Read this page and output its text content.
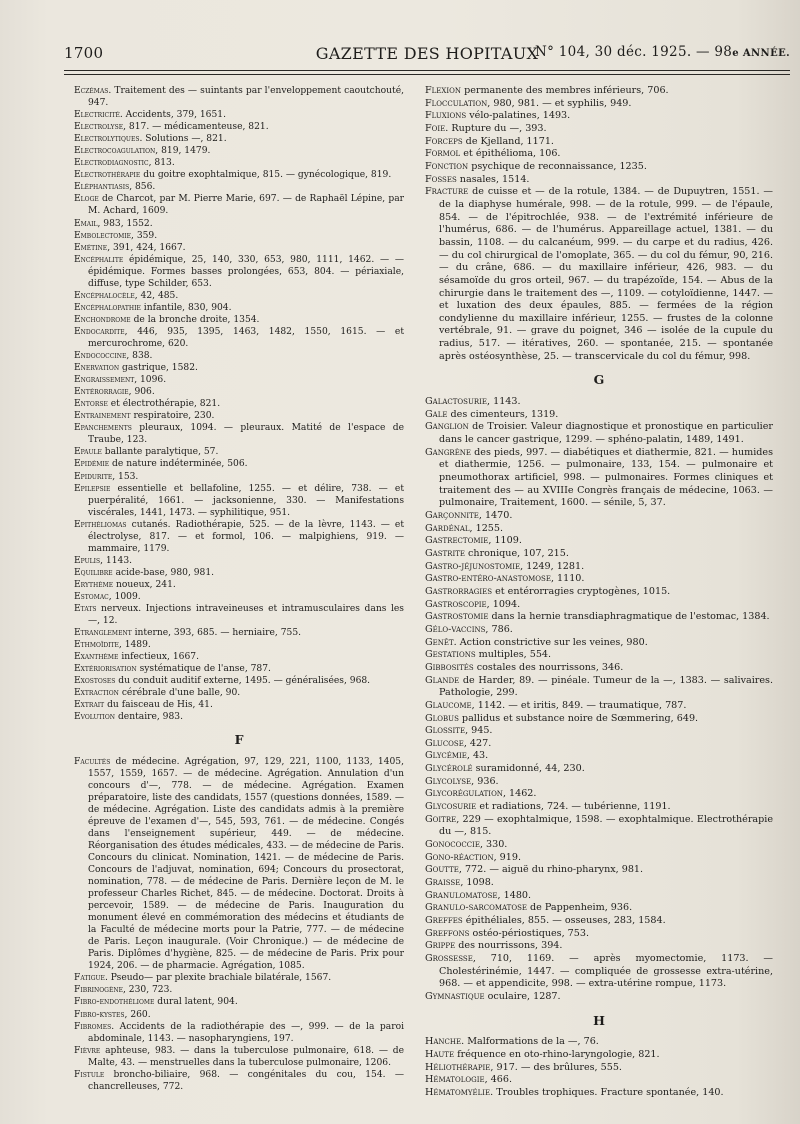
1700	GAZETTE DES HOPITAUX
N° 104, 30 déc. 1925. — 98e ANNÉE.

Eczémas. Traitement des — suintants par l'enveloppement caoutchouté, 947.

Electricité. Accidents, 379, 1651.

Electrolyse, 817. — médicamenteuse, 821.

Electrolytiques. Solutions —, 821.

Electrocoagulation, 819, 1479.

Electrodiagnostic, 813.

Electrothérapie du goitre exophtalmique, 815. — gynécologique, 819.

Eléphantiasis, 856.

Eloge de Charcot, par M. Pierre Marie, 697. — de Raphaël Lépine, par M. Achard, 1609.

Email, 983, 1552.

Embolectomie, 359.

Emétine, 391, 424, 1667.

Encéphalite épidémique, 25, 140, 330, 653, 980, 1111, 1462. — — épidémique. Formes basses prolongées, 653, 804. — périaxiale, diffuse, type Schilder, 653.

Encéphalocèle, 42, 485.

Encéphalopathie infantile, 830, 904.

Enchondrome de la bronche droite, 1354.

Endocardite, 446, 935, 1395, 1463, 1482, 1550, 1615. — et mercurochrome, 620.

Endococcine, 838.

Enervation gastrique, 1582.

Engraissement, 1096.

Entérorragie, 906.

Entorse et électrothérapie, 821.

Entrainement respiratoire, 230.

Epanchements pleuraux, 1094. — pleuraux. Matité de l'espace de Traube, 123.

Epaule ballante paralytique, 57.

Epidémie de nature indéterminée, 506.

Epidurite, 153.

Epilepsie essentielle et bellafoline, 1255. — et délire, 738. — et puerpéralité, 1661. — jacksonienne, 330. — Manifestations viscérales, 1441, 1473. — syphilitique, 951.

Epithéliomas cutanés. Radiothérapie, 525. — de la lèvre, 1143. — et électrolyse, 817. — et formol, 106. — malpighiens, 919. — mammaire, 1179.

Epulis, 1143.

Equilibre acide-base, 980, 981.

Erythème noueux, 241.

Estomac, 1009.

Etats nerveux. Injections intraveineuses et intramusculaires dans les —, 12.

Etranglement interne, 393, 685. — herniaire, 755.

Ethmoïdite, 1489.

Exanthème infectieux, 1667.

Extériorisation systématique de l'anse, 787.

Exostoses du conduit auditif externe, 1495. — généralisées, 968.

Extraction cérébrale d'une balle, 90.

Extrait du faisceau de His, 41.

Evolution dentaire, 983.

F

Facultés de médecine. Agrégation, 97, 129, 221, 1100, 1133, 1405, 1557, 1559, 1657. — de médecine. Agrégation. Annulation d'un concours d'—, 778. — de médecine. Agrégation. Examen préparatoire, liste des candidats, 1557 (questions données, 1589. — de médecine. Agrégation. Liste des candidats admis à la première épreuve de l'examen d'—, 545, 593, 761. — de médecine. Congés dans l'enseignement supérieur, 449. — de médecine. Réorganisation des études médicales, 433. — de médecine de Paris. Concours du clinicat. Nomination, 1421. — de médecine de Paris. Concours de l'adjuvat, nomination, 694; Concours du prosectorat, nomination, 778. — de médecine de Paris. Dernière leçon de M. le professeur Charles Richet, 845. — de médecine. Doctorat. Droits à percevoir, 1589. — de médecine de Paris. Inauguration du monument élevé en commémoration des médecins et étudiants de la Faculté de médecine morts pour la Patrie, 777. — de médecine de Paris. Leçon inaugurale. (Voir Chronique.) — de médecine de Paris. Diplômes d'hygiène, 825. — de médecine de Paris. Prix pour 1924, 206. — de pharmacie. Agrégation, 1085.

Fatigue. Pseudo— par plexite brachiale bilatérale, 1567.

Fibrinogène, 230, 723.

Fibro-endothéliome dural latent, 904.

Fibro-kystes, 260.

Fibromes. Accidents de la radiothérapie des —, 999. — de la paroi abdominale, 1143. — nasopharyngiens, 197.

Fièvre aphteuse, 983. — dans la tuberculose pulmonaire, 618. — de Malte, 43. — menstruelles dans la tuberculose pulmonaire, 1206.

Fistule broncho-biliaire, 968. — congénitales du cou, 154. — chancrelleuses, 772.

Flexion permanente des membres inférieurs, 706.

Flocculation, 980, 981. — et syphilis, 949.

Fluxions vélo-palatines, 1493.

Foie. Rupture du —, 393.

Forceps de Kjelland, 1171.

Formol et épithélioma, 106.

Fonction psychique de reconnaissance, 1235.

Fosses nasales, 1514.

Fracture de cuisse et — de la rotule, 1384. — de Dupuytren, 1551. — de la diaphyse humérale, 998. — de la rotule, 999. — de l'épaule, 854. — de l'épitrochlée, 938. — de l'extrémité inférieure de l'humérus, 686. — de l'humérus. Appareillage actuel, 1381. — du bassin, 1108. — du calcanéum, 999. — du carpe et du radius, 426. — du col chirurgical de l'omoplate, 365. — du col du fémur, 90, 216. — du crâne, 686. — du maxillaire inférieur, 426, 983. — du sésamoïde du gros orteil, 967. — du trapézoïde, 154. — Abus de la chirurgie dans le traitement des —, 1109. — cotyloïdienne, 1447. — et luxation des deux épaules, 885. — fermées de la région condylienne du maxillaire inférieur, 1255. — frustes de la colonne vertébrale, 91. — grave du poignet, 346 — isolée de la cupule du radius, 517. — itératives, 260. — spontanée, 215. — spontanée après ostéosynthèse, 25. — transcervicale du col du fémur, 998.

G

Galactosurie, 1143.

Gale des cimenteurs, 1319.

Ganglion de Troisier. Valeur diagnostique et pronostique en particulier dans le cancer gastrique, 1299. — sphéno-palatin, 1489, 1491.

Gangrène des pieds, 997. — diabétiques et diathermie, 821. — humides et diathermie, 1256. — pulmonaire, 133, 154. — pulmonaire et pneumothorax artificiel, 998. — pulmonaires. Formes cliniques et traitement des — au XVIIIe Congrès français de médecine, 1063. — pulmonaire, Traitement, 1600. — sénile, 5, 37.

Garçonnite, 1470.

Gardénal, 1255.

Gastrectomie, 1109.

Gastrite chronique, 107, 215.

Gastro-jéjunostomie, 1249, 1281.

Gastro-entéro-anastomose, 1110.

Gastrorragies et entérorragies cryptogènes, 1015.

Gastroscopie, 1094.

Gastrostomie dans la hernie transdiaphragmatique de l'estomac, 1384.

Gélo-vaccins, 786.

Genêt. Action constrictive sur les veines, 980.

Gestations multiples, 554.

Gibbosités costales des nourrissons, 346.

Glande de Harder, 89. — pinéale. Tumeur de la —, 1383. — salivaires. Pathologie, 299.

Glaucome, 1142. — et iritis, 849. — traumatique, 787.

Globus pallidus et substance noire de Sœmmering, 649.

Glossite, 945.

Glucose, 427.

Glycémie, 43.

Glycérolé suramidonné, 44, 230.

Glycolyse, 936.

Glycorégulation, 1462.

Glycosurie et radiations, 724. — tubérienne, 1191.

Goitre, 229 — exophtalmique, 1598. — exophtalmique. Electrothérapie du —, 815.

Gonococcie, 330.

Gono-réaction, 919.

Goutte, 772. — aiguë du rhino-pharynx, 981.

Graisse, 1098.

Granulomatose, 1480.

Granulo-sarcomatose de Pappenheim, 936.

Greffes épithéliales, 855. — osseuses, 283, 1584.

Greffons ostéo-périostiques, 753.

Grippe des nourrissons, 394.

Grossesse, 710, 1169. — après myomectomie, 1173. — Cholestérinémie, 1447. — compliquée de grossesse extra-utérine, 968. — et appendicite, 998. — extra-utérine rompue, 1173.

Gymnastique oculaire, 1287.

H

Hanche. Malformations de la —, 76.

Haute fréquence en oto-rhino-laryngologie, 821.

Héliothérapie, 917. — des brûlures, 555.

Hématologie, 466.

Hématomyélie. Troubles trophiques. Fracture spontanée, 140.
